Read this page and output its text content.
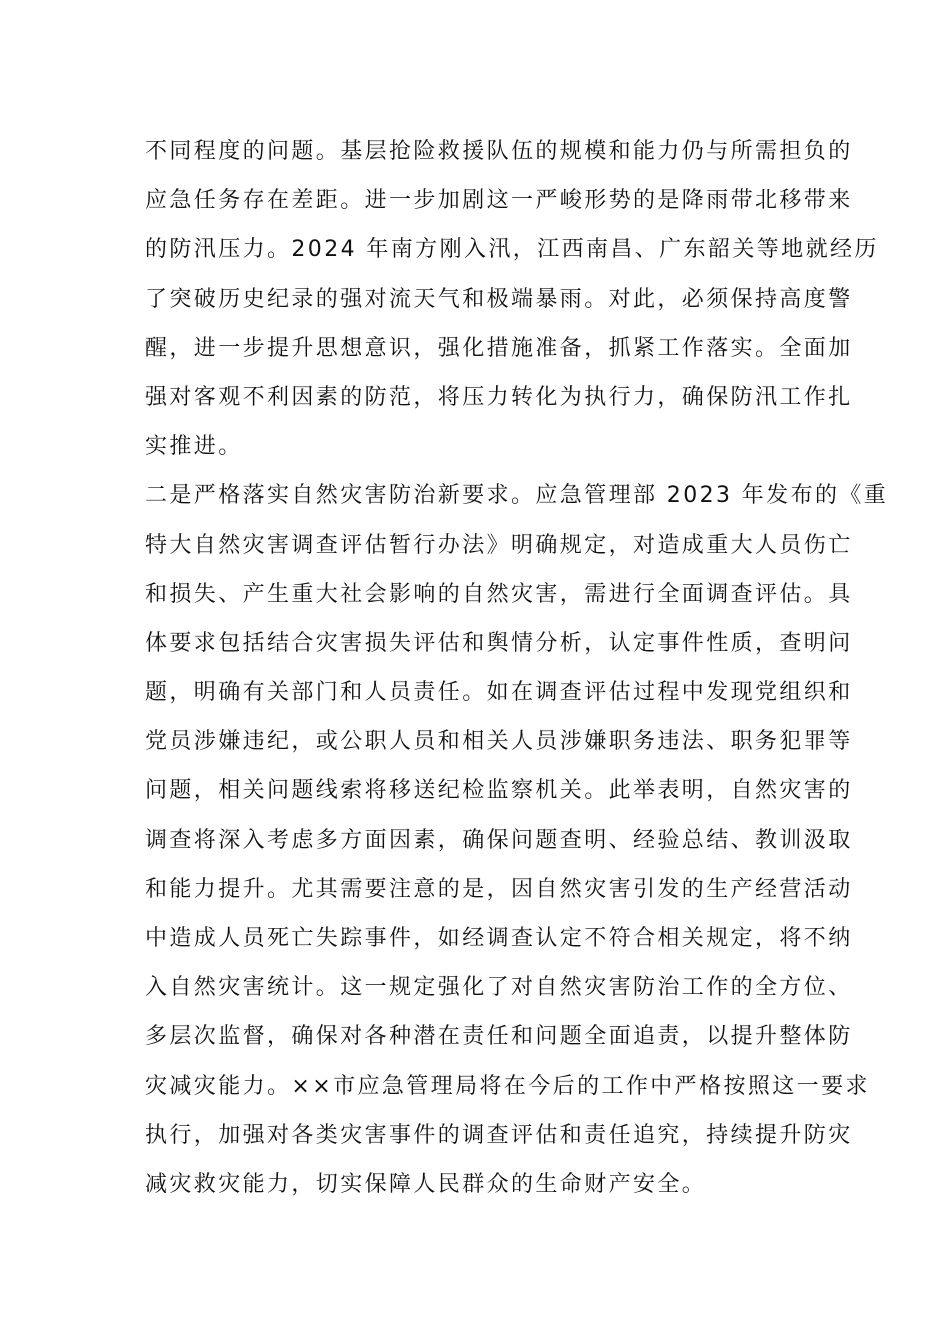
不同程度的问题。基层抢险救援队伍的规模和能力仍与所需担负的
应急任务存在差距。进一步加剧这一严峻形势的是降雨带北移带来
的防汛压力。2024 年南方刚入汛，江西南昌、广东韶关等地就经历
了突破历史纪录的强对流天气和极端暴雨。对此，必须保持高度警
醒，进一步提升思想意识，强化措施准备，抓紧工作落实。全面加
强对客观不利因素的防范，将压力转化为执行力，确保防汛工作扎
实推进。
二是严格落实自然灾害防治新要求。应急管理部 2023 年发布的《重
特大自然灾害调查评估暂行办法》明确规定，对造成重大人员伤亡
和损失、产生重大社会影响的自然灾害，需进行全面调查评估。具
体要求包括结合灾害损失评估和舆情分析，认定事件性质，查明问
题，明确有关部门和人员责任。如在调查评估过程中发现党组织和
党员涉嫌违纪，或公职人员和相关人员涉嫌职务违法、职务犯罪等
问题，相关问题线索将移送纪检监察机关。此举表明，自然灾害的
调查将深入考虑多方面因素，确保问题查明、经验总结、教训汲取
和能力提升。尤其需要注意的是，因自然灾害引发的生产经营活动
中造成人员死亡失踪事件，如经调查认定不符合相关规定，将不纳
入自然灾害统计。这一规定强化了对自然灾害防治工作的全方位、
多层次监督，确保对各种潜在责任和问题全面追责，以提升整体防
灾减灾能力。××市应急管理局将在今后的工作中严格按照这一要求
执行，加强对各类灾害事件的调查评估和责任追究，持续提升防灾
减灾救灾能力，切实保障人民群众的生命财产安全。
